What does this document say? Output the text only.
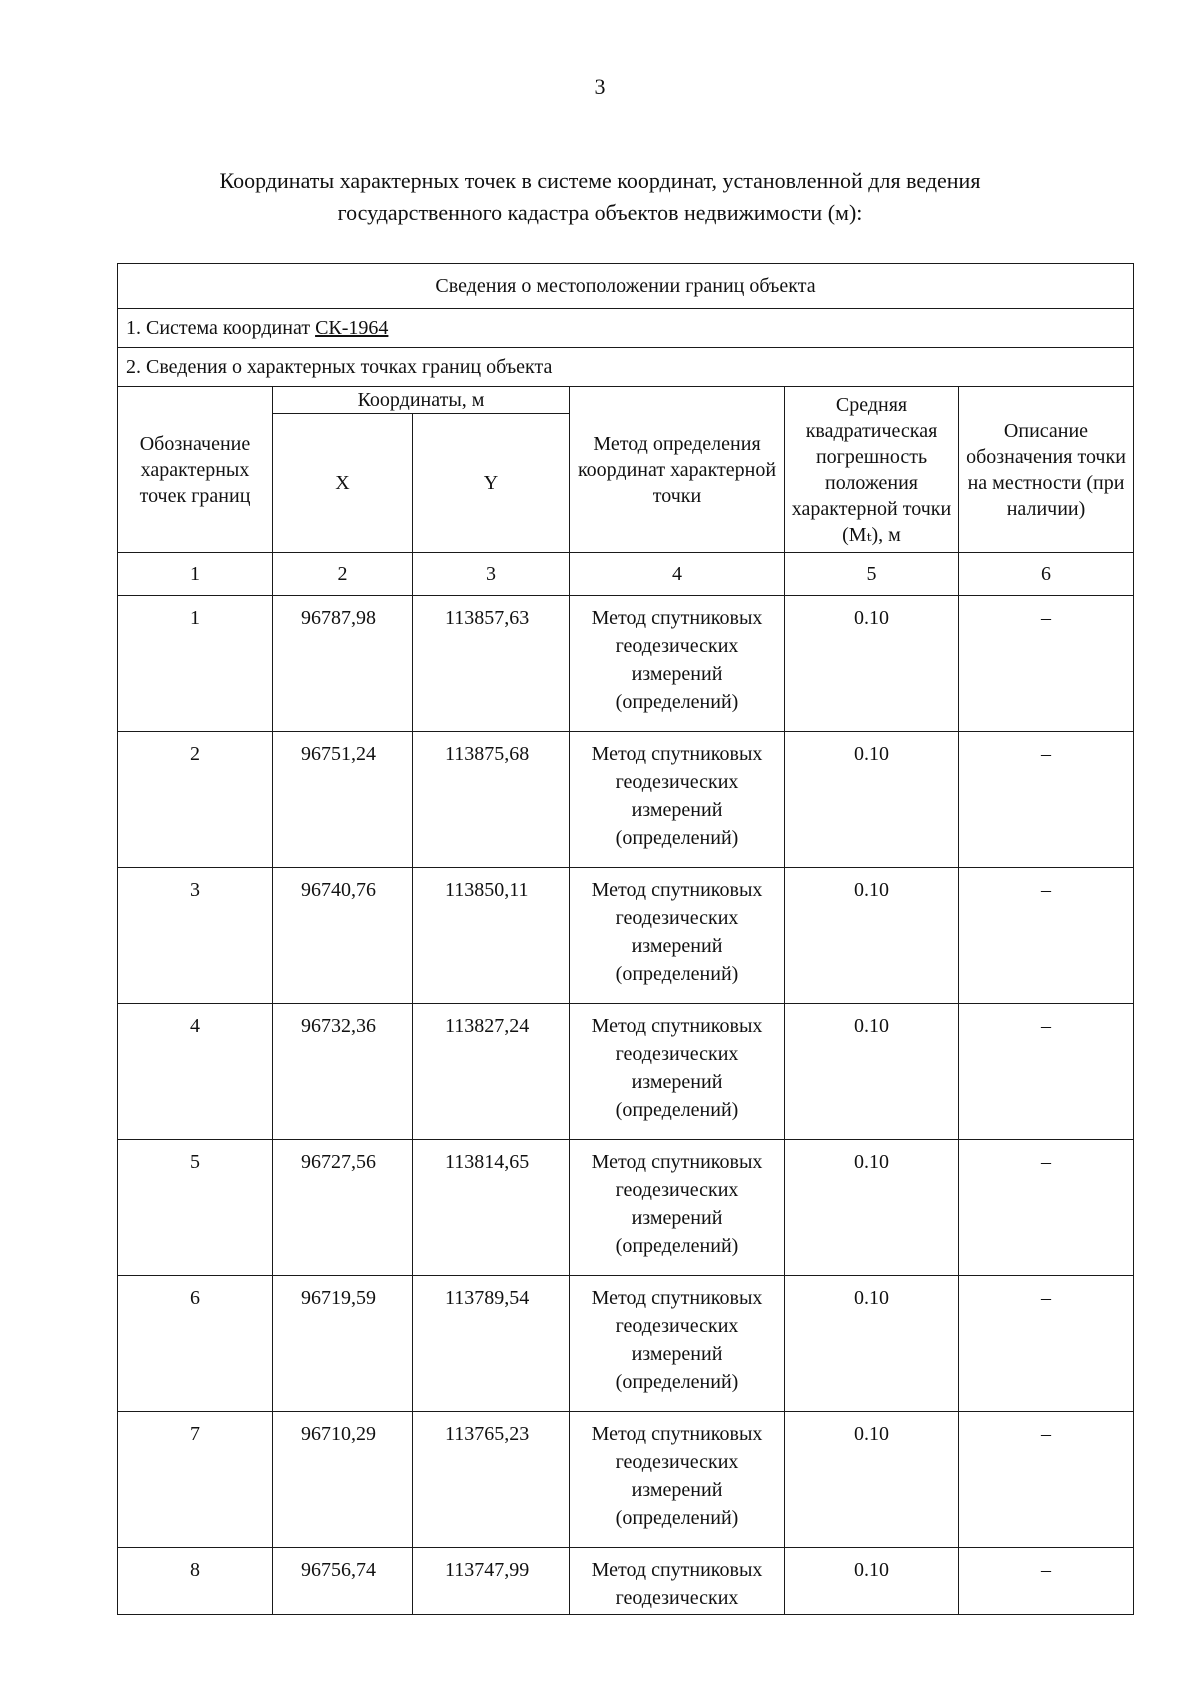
3
Координаты характерных точек в системе координат, установленной для ведения
государственного кадастра объектов недвижимости (м):
Сведения о местоположении границ объекта					
1. Система координат СК-1964					
2. Сведения о характерных точках границ объекта					
Обозначение характерных точек границ	Координаты, м		Метод определения координат характерной точки	Средняя квадратическая погрешность положения характерной точки (Mₜ), м	Описание обозначения точки на местности (при наличии)
	X	Y			
1	2	3	4	5	6
1	96787,98	113857,63	Метод спутниковых геодезических измерений (определений)	0.10	–
2	96751,24	113875,68	Метод спутниковых геодезических измерений (определений)	0.10	–
3	96740,76	113850,11	Метод спутниковых геодезических измерений (определений)	0.10	–
4	96732,36	113827,24	Метод спутниковых геодезических измерений (определений)	0.10	–
5	96727,56	113814,65	Метод спутниковых геодезических измерений (определений)	0.10	–
6	96719,59	113789,54	Метод спутниковых геодезических измерений (определений)	0.10	–
7	96710,29	113765,23	Метод спутниковых геодезических измерений (определений)	0.10	–
8	96756,74	113747,99	Метод спутниковых геодезических	0.10	–
